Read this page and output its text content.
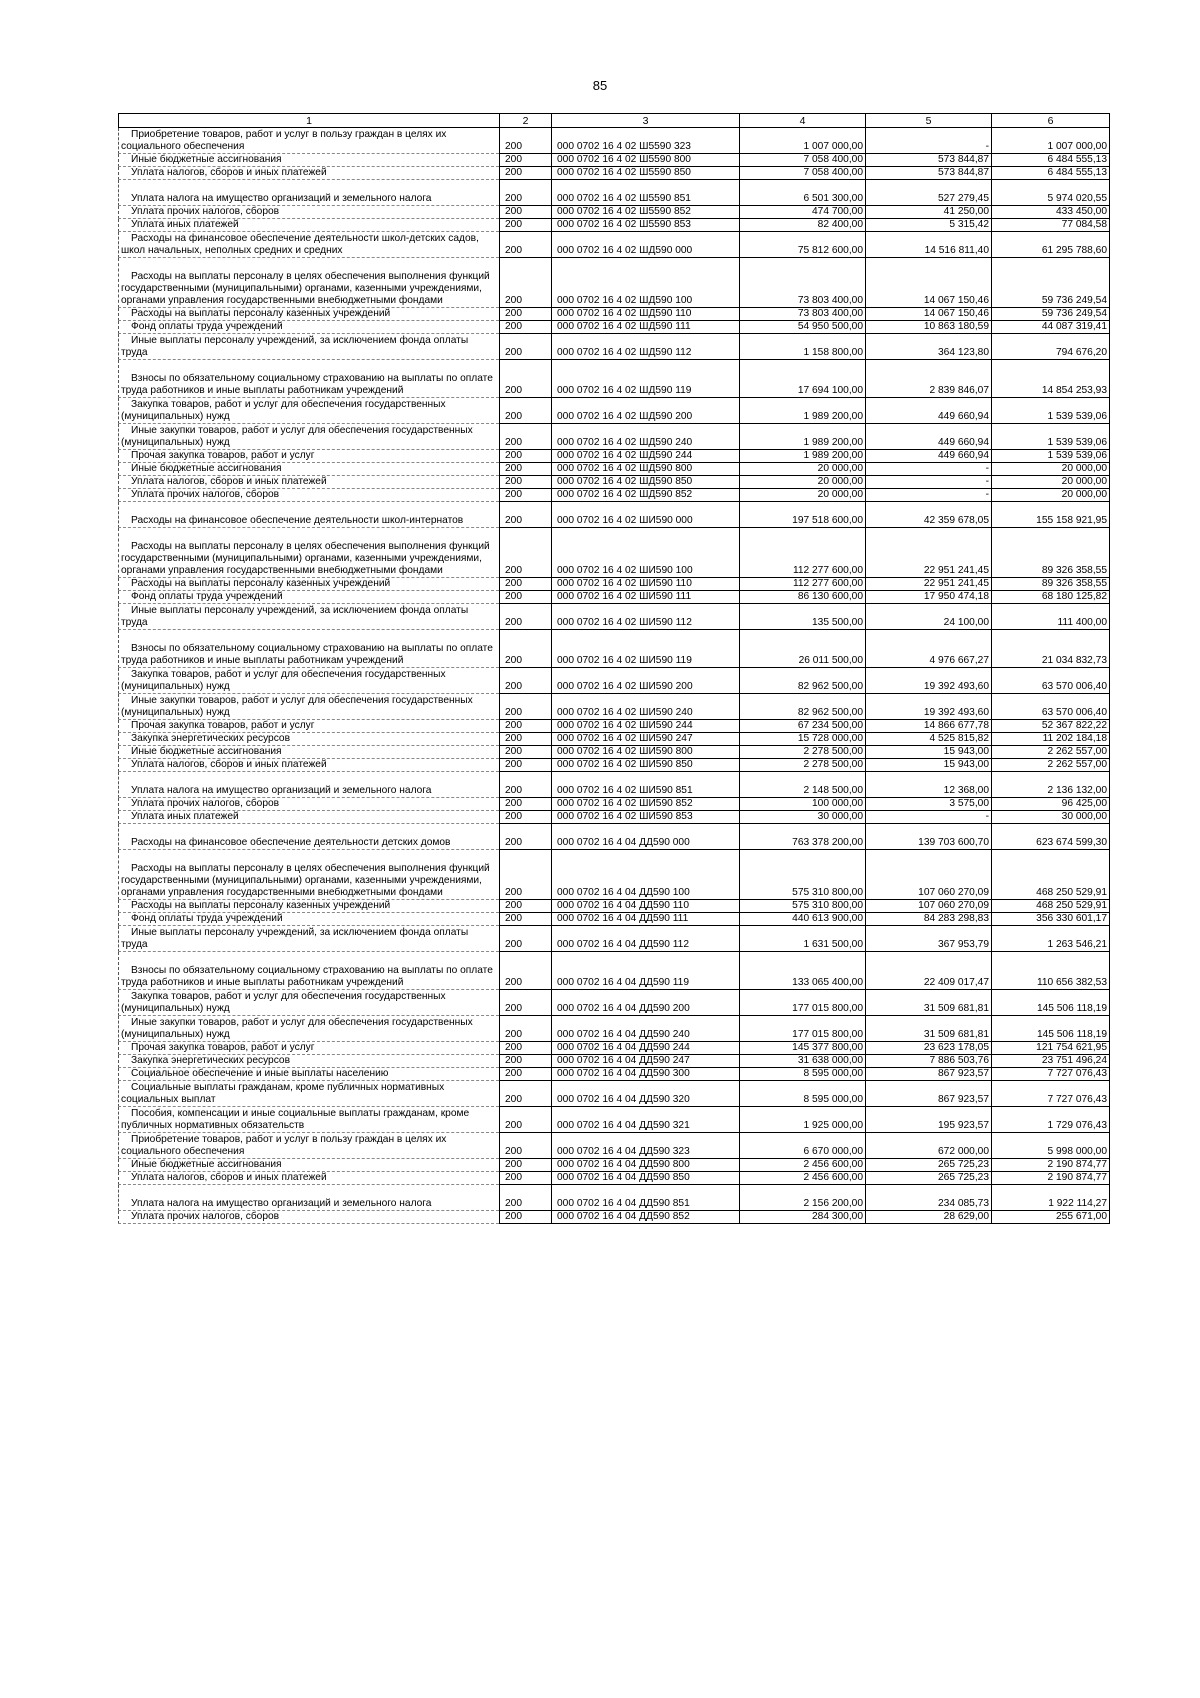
85
1	2	3	4	5	6

Приобретение товаров, работ и услуг в пользу граждан в целях их социального обеспечения	200	000 0702 16 4 02 Ш5590 323	1 007 000,00	-	1 007 000,00

Иные бюджетные ассигнования	200	000 0702 16 4 02 Ш5590 800	7 058 400,00	573 844,87	6 484 555,13

Уплата налогов, сборов и иных платежей	200	000 0702 16 4 02 Ш5590 850	7 058 400,00	573 844,87	6 484 555,13

Уплата налога на имущество организаций и земельного налога	200	000 0702 16 4 02 Ш5590 851	6 501 300,00	527 279,45	5 974 020,55

Уплата прочих налогов, сборов	200	000 0702 16 4 02 Ш5590 852	474 700,00	41 250,00	433 450,00

Уплата иных платежей	200	000 0702 16 4 02 Ш5590 853	82 400,00	5 315,42	77 084,58

Расходы на финансовое обеспечение деятельности школ-детских садов, школ начальных, неполных средних и средних	200	000 0702 16 4 02 ШД590 000	75 812 600,00	14 516 811,40	61 295 788,60

Расходы на выплаты персоналу в целях обеспечения выполнения функций государственными (муниципальными) органами, казенными учреждениями, органами управления государственными внебюджетными фондами	200	000 0702 16 4 02 ШД590 100	73 803 400,00	14 067 150,46	59 736 249,54

Расходы на выплаты персоналу казенных учреждений	200	000 0702 16 4 02 ШД590 110	73 803 400,00	14 067 150,46	59 736 249,54

Фонд оплаты труда учреждений	200	000 0702 16 4 02 ШД590 111	54 950 500,00	10 863 180,59	44 087 319,41

Иные выплаты персоналу учреждений, за исключением фонда оплаты труда	200	000 0702 16 4 02 ШД590 112	1 158 800,00	364 123,80	794 676,20

Взносы по обязательному социальному страхованию на выплаты по оплате труда работников и иные выплаты работникам учреждений	200	000 0702 16 4 02 ШД590 119	17 694 100,00	2 839 846,07	14 854 253,93

Закупка товаров, работ и услуг для обеспечения государственных (муниципальных) нужд	200	000 0702 16 4 02 ШД590 200	1 989 200,00	449 660,94	1 539 539,06

Иные закупки товаров, работ и услуг для обеспечения государственных (муниципальных) нужд	200	000 0702 16 4 02 ШД590 240	1 989 200,00	449 660,94	1 539 539,06

Прочая закупка товаров, работ и услуг	200	000 0702 16 4 02 ШД590 244	1 989 200,00	449 660,94	1 539 539,06

Иные бюджетные ассигнования	200	000 0702 16 4 02 ШД590 800	20 000,00	-	20 000,00

Уплата налогов, сборов и иных платежей	200	000 0702 16 4 02 ШД590 850	20 000,00	-	20 000,00

Уплата прочих налогов, сборов	200	000 0702 16 4 02 ШД590 852	20 000,00	-	20 000,00

Расходы на финансовое обеспечение деятельности школ-интернатов	200	000 0702 16 4 02 ШИ590 000	197 518 600,00	42 359 678,05	155 158 921,95

Расходы на выплаты персоналу в целях обеспечения выполнения функций государственными (муниципальными) органами, казенными учреждениями, органами управления государственными внебюджетными фондами	200	000 0702 16 4 02 ШИ590 100	112 277 600,00	22 951 241,45	89 326 358,55

Расходы на выплаты персоналу казенных учреждений	200	000 0702 16 4 02 ШИ590 110	112 277 600,00	22 951 241,45	89 326 358,55

Фонд оплаты труда учреждений	200	000 0702 16 4 02 ШИ590 111	86 130 600,00	17 950 474,18	68 180 125,82

Иные выплаты персоналу учреждений, за исключением фонда оплаты труда	200	000 0702 16 4 02 ШИ590 112	135 500,00	24 100,00	111 400,00

Взносы по обязательному социальному страхованию на выплаты по оплате труда работников и иные выплаты работникам учреждений	200	000 0702 16 4 02 ШИ590 119	26 011 500,00	4 976 667,27	21 034 832,73

Закупка товаров, работ и услуг для обеспечения государственных (муниципальных) нужд	200	000 0702 16 4 02 ШИ590 200	82 962 500,00	19 392 493,60	63 570 006,40

Иные закупки товаров, работ и услуг для обеспечения государственных (муниципальных) нужд	200	000 0702 16 4 02 ШИ590 240	82 962 500,00	19 392 493,60	63 570 006,40

Прочая закупка товаров, работ и услуг	200	000 0702 16 4 02 ШИ590 244	67 234 500,00	14 866 677,78	52 367 822,22

Закупка энергетических ресурсов	200	000 0702 16 4 02 ШИ590 247	15 728 000,00	4 525 815,82	11 202 184,18

Иные бюджетные ассигнования	200	000 0702 16 4 02 ШИ590 800	2 278 500,00	15 943,00	2 262 557,00

Уплата налогов, сборов и иных платежей	200	000 0702 16 4 02 ШИ590 850	2 278 500,00	15 943,00	2 262 557,00

Уплата налога на имущество организаций и земельного налога	200	000 0702 16 4 02 ШИ590 851	2 148 500,00	12 368,00	2 136 132,00

Уплата прочих налогов, сборов	200	000 0702 16 4 02 ШИ590 852	100 000,00	3 575,00	96 425,00

Уплата иных платежей	200	000 0702 16 4 02 ШИ590 853	30 000,00	-	30 000,00

Расходы на финансовое обеспечение деятельности детских домов	200	000 0702 16 4 04 ДД590 000	763 378 200,00	139 703 600,70	623 674 599,30

Расходы на выплаты персоналу в целях обеспечения выполнения функций государственными (муниципальными) органами, казенными учреждениями, органами управления государственными внебюджетными фондами	200	000 0702 16 4 04 ДД590 100	575 310 800,00	107 060 270,09	468 250 529,91

Расходы на выплаты персоналу казенных учреждений	200	000 0702 16 4 04 ДД590 110	575 310 800,00	107 060 270,09	468 250 529,91

Фонд оплаты труда учреждений	200	000 0702 16 4 04 ДД590 111	440 613 900,00	84 283 298,83	356 330 601,17

Иные выплаты персоналу учреждений, за исключением фонда оплаты труда	200	000 0702 16 4 04 ДД590 112	1 631 500,00	367 953,79	1 263 546,21

Взносы по обязательному социальному страхованию на выплаты по оплате труда работников и иные выплаты работникам учреждений	200	000 0702 16 4 04 ДД590 119	133 065 400,00	22 409 017,47	110 656 382,53

Закупка товаров, работ и услуг для обеспечения государственных (муниципальных) нужд	200	000 0702 16 4 04 ДД590 200	177 015 800,00	31 509 681,81	145 506 118,19

Иные закупки товаров, работ и услуг для обеспечения государственных (муниципальных) нужд	200	000 0702 16 4 04 ДД590 240	177 015 800,00	31 509 681,81	145 506 118,19

Прочая закупка товаров, работ и услуг	200	000 0702 16 4 04 ДД590 244	145 377 800,00	23 623 178,05	121 754 621,95

Закупка энергетических ресурсов	200	000 0702 16 4 04 ДД590 247	31 638 000,00	7 886 503,76	23 751 496,24

Социальное обеспечение и иные выплаты населению	200	000 0702 16 4 04 ДД590 300	8 595 000,00	867 923,57	7 727 076,43

Социальные выплаты гражданам, кроме публичных нормативных социальных выплат	200	000 0702 16 4 04 ДД590 320	8 595 000,00	867 923,57	7 727 076,43

Пособия, компенсации и иные социальные выплаты гражданам, кроме публичных нормативных обязательств	200	000 0702 16 4 04 ДД590 321	1 925 000,00	195 923,57	1 729 076,43

Приобретение товаров, работ и услуг в пользу граждан в целях их социального обеспечения	200	000 0702 16 4 04 ДД590 323	6 670 000,00	672 000,00	5 998 000,00

Иные бюджетные ассигнования	200	000 0702 16 4 04 ДД590 800	2 456 600,00	265 725,23	2 190 874,77

Уплата налогов, сборов и иных платежей	200	000 0702 16 4 04 ДД590 850	2 456 600,00	265 725,23	2 190 874,77

Уплата налога на имущество организаций и земельного налога	200	000 0702 16 4 04 ДД590 851	2 156 200,00	234 085,73	1 922 114,27

Уплата прочих налогов, сборов	200	000 0702 16 4 04 ДД590 852	284 300,00	28 629,00	255 671,00
